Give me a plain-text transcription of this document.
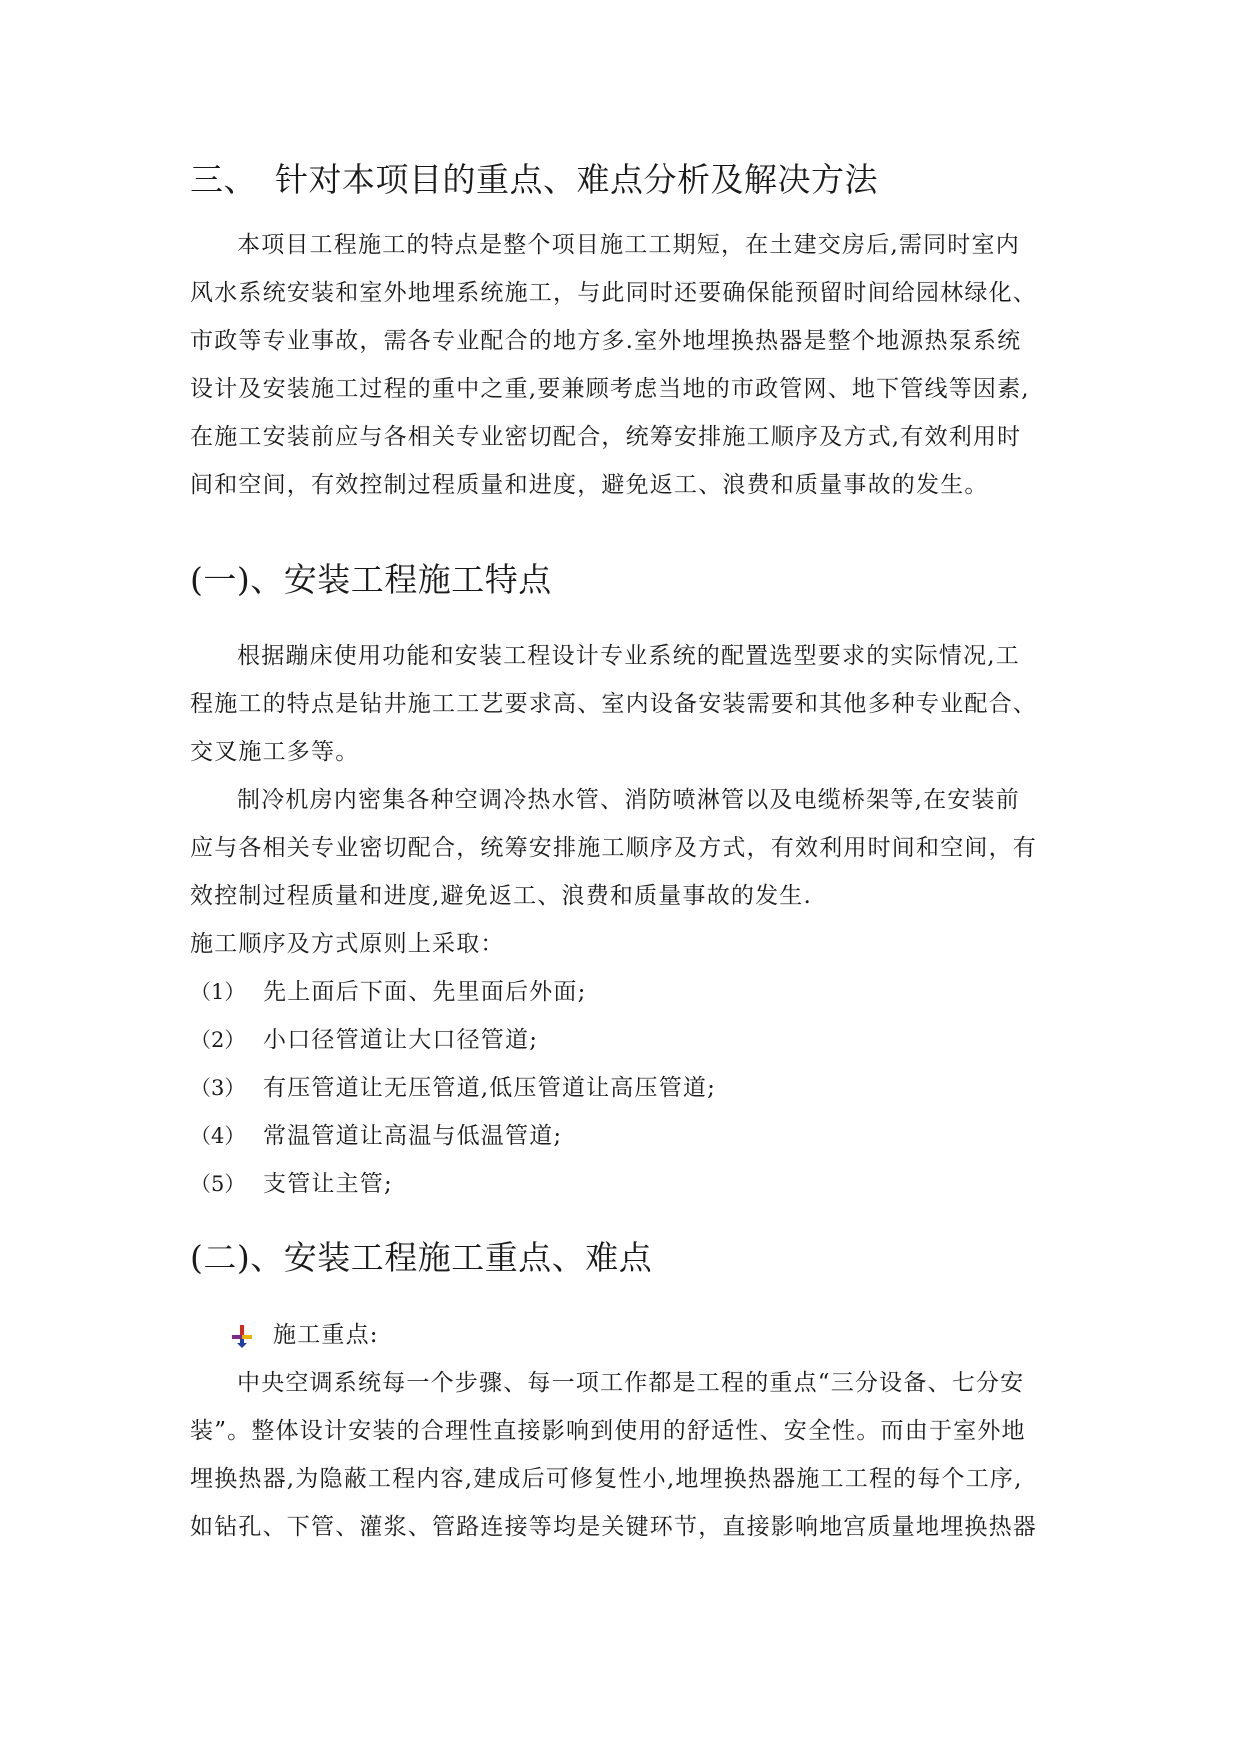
三、 针对本项目的重点、难点分析及解决方法

本项目工程施工的特点是整个项目施工工期短，在土建交房后,需同时室内

风水系统安装和室外地埋系统施工，与此同时还要确保能预留时间给园林绿化、

市政等专业事故，需各专业配合的地方多.室外地埋换热器是整个地源热泵系统

设计及安装施工过程的重中之重,要兼顾考虑当地的市政管网、地下管线等因素,

在施工安装前应与各相关专业密切配合，统筹安排施工顺序及方式,有效利用时

间和空间，有效控制过程质量和进度，避免返工、浪费和质量事故的发生。

(一)、安装工程施工特点

根据蹦床使用功能和安装工程设计专业系统的配置选型要求的实际情况,工

程施工的特点是钻井施工工艺要求高、室内设备安装需要和其他多种专业配合、

交叉施工多等。

制冷机房内密集各种空调冷热水管、消防喷淋管以及电缆桥架等,在安装前

应与各相关专业密切配合，统筹安排施工顺序及方式，有效利用时间和空间，有

效控制过程质量和进度,避免返工、浪费和质量事故的发生.

施工顺序及方式原则上采取：

（1） 先上面后下面、先里面后外面;
（2） 小口径管道让大口径管道;
（3） 有压管道让无压管道,低压管道让高压管道;
（4） 常温管道让高温与低温管道;
（5） 支管让主管;
(二)、安装工程施工重点、难点

施工重点:

中央空调系统每一个步骤、每一项工作都是工程的重点“三分设备、七分安

装”。整体设计安装的合理性直接影响到使用的舒适性、安全性。而由于室外地

埋换热器,为隐蔽工程内容,建成后可修复性小,地埋换热器施工工程的每个工序,

如钻孔、下管、灌浆、管路连接等均是关键环节，直接影响地宫质量地埋换热器
